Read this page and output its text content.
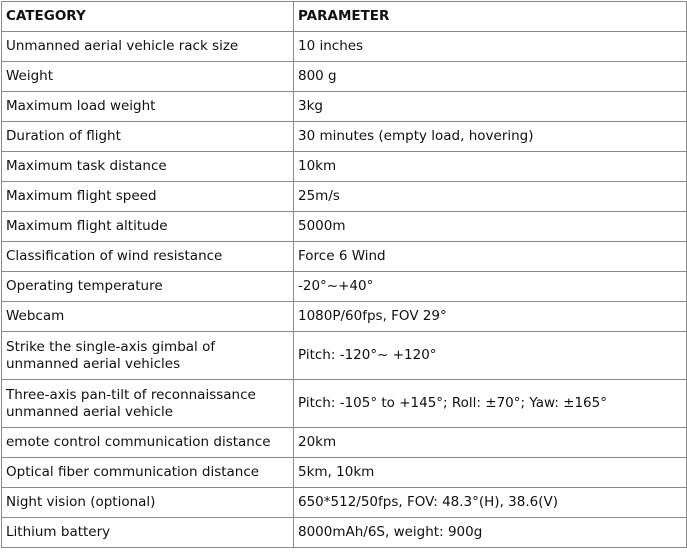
CATEGORY	PARAMETER
Unmanned aerial vehicle rack size	10 inches
Weight	800 g
Maximum load weight	3kg
Duration of flight	30 minutes (empty load, hovering)
Maximum task distance	10km
Maximum flight speed	25m/s
Maximum flight altitude	5000m
Classification of wind resistance	Force 6 Wind
Operating temperature	-20°~+40°
Webcam	1080P/60fps, FOV 29°
Strike the single-axis gimbal of unmanned aerial vehicles	Pitch: -120°~ +120°
Three-axis pan-tilt of reconnaissance unmanned aerial vehicle	Pitch: -105° to +145°; Roll: ±70°; Yaw: ±165°
emote control communication distance	20km
Optical fiber communication distance	5km, 10km
Night vision (optional)	650*512/50fps, FOV: 48.3°(H), 38.6(V)
Lithium battery	8000mAh/6S, weight: 900g
